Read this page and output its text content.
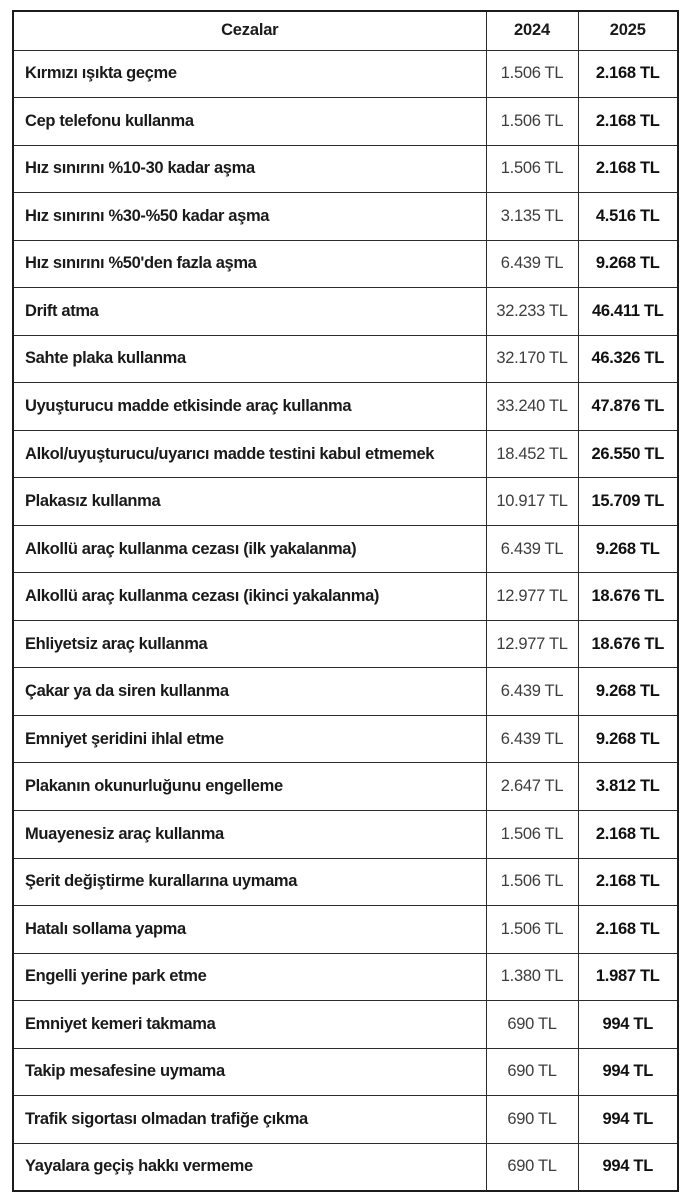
Cezalar	2024	2025
Kırmızı ışıkta geçme	1.506 TL	2.168 TL
Cep telefonu kullanma	1.506 TL	2.168 TL
Hız sınırını %10-30 kadar aşma	1.506 TL	2.168 TL
Hız sınırını %30-%50 kadar aşma	3.135 TL	4.516 TL
Hız sınırını %50'den fazla aşma	6.439 TL	9.268 TL
Drift atma	32.233 TL	46.411 TL
Sahte plaka kullanma	32.170 TL	46.326 TL
Uyuşturucu madde etkisinde araç kullanma	33.240 TL	47.876 TL
Alkol/uyuşturucu/uyarıcı madde testini kabul etmemek	18.452 TL	26.550 TL
Plakasız kullanma	10.917 TL	15.709 TL
Alkollü araç kullanma cezası (ilk yakalanma)	6.439 TL	9.268 TL
Alkollü araç kullanma cezası (ikinci yakalanma)	12.977 TL	18.676 TL
Ehliyetsiz araç kullanma	12.977 TL	18.676 TL
Çakar ya da siren kullanma	6.439 TL	9.268 TL
Emniyet şeridini ihlal etme	6.439 TL	9.268 TL
Plakanın okunurluğunu engelleme	2.647 TL	3.812 TL
Muayenesiz araç kullanma	1.506 TL	2.168 TL
Şerit değiştirme kurallarına uymama	1.506 TL	2.168 TL
Hatalı sollama yapma	1.506 TL	2.168 TL
Engelli yerine park etme	1.380 TL	1.987 TL
Emniyet kemeri takmama	690 TL	994 TL
Takip mesafesine uymama	690 TL	994 TL
Trafik sigortası olmadan trafiğe çıkma	690 TL	994 TL
Yayalara geçiş hakkı vermeme	690 TL	994 TL
